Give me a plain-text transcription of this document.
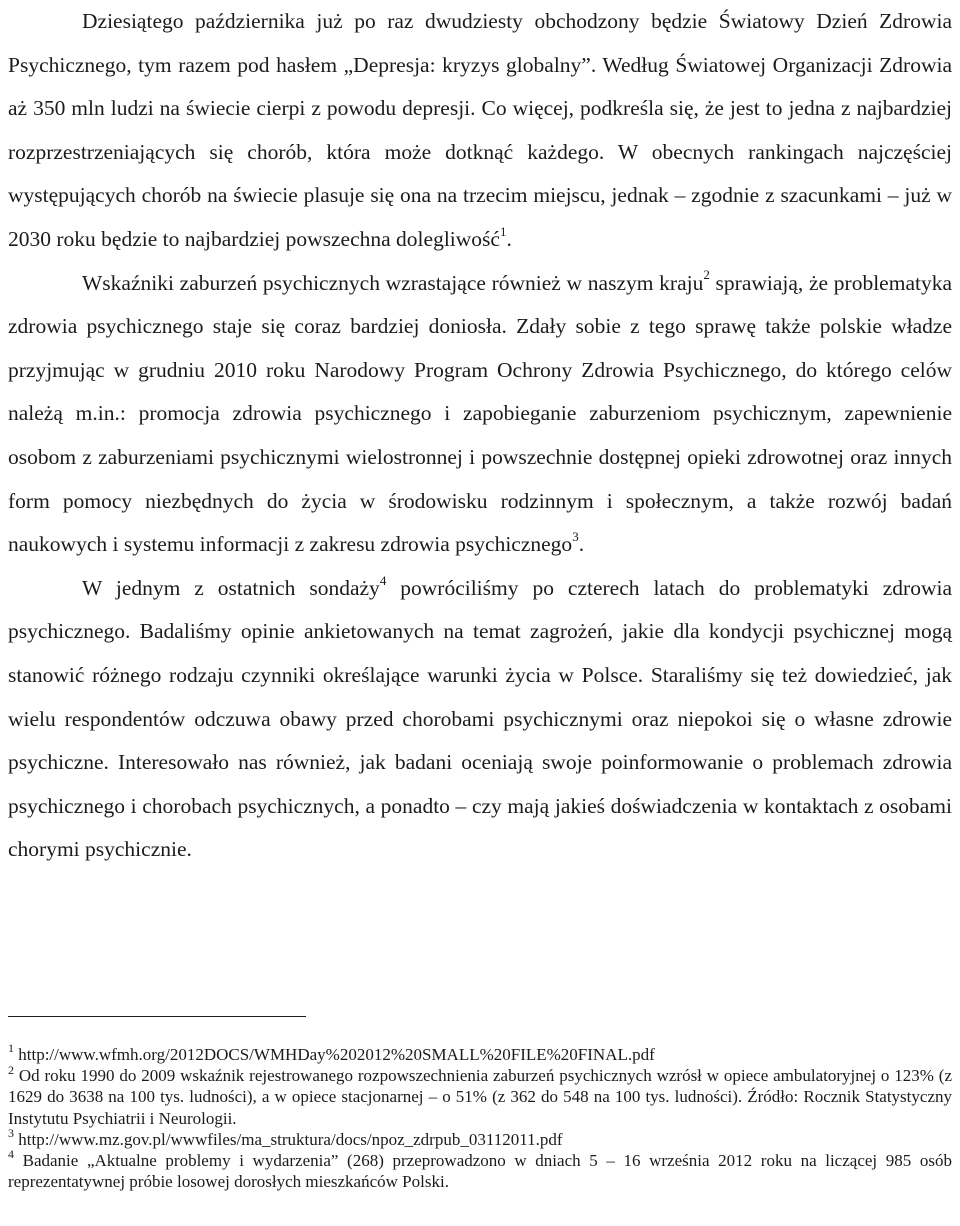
Dziesiątego października już po raz dwudziesty obchodzony będzie Światowy Dzień Zdrowia Psychicznego, tym razem pod hasłem „Depresja: kryzys globalny”. Według Światowej Organizacji Zdrowia aż 350 mln ludzi na świecie cierpi z powodu depresji. Co więcej, podkreśla się, że jest to jedna z najbardziej rozprzestrzeniających się chorób, która może dotknąć każdego. W obecnych rankingach najczęściej występujących chorób na świecie plasuje się ona na trzecim miejscu, jednak – zgodnie z szacunkami – już w 2030 roku będzie to najbardziej powszechna dolegliwość$^1$.

Wskaźniki zaburzeń psychicznych wzrastające również w naszym kraju$^2$ sprawiają, że problematyka zdrowia psychicznego staje się coraz bardziej doniosła. Zdały sobie z tego sprawę także polskie władze przyjmując w grudniu 2010 roku Narodowy Program Ochrony Zdrowia Psychicznego, do którego celów należą m.in.: promocja zdrowia psychicznego i zapobieganie zaburzeniom psychicznym, zapewnienie osobom z zaburzeniami psychicznymi wielostronnej i powszechnie dostępnej opieki zdrowotnej oraz innych form pomocy niezbędnych do życia w środowisku rodzinnym i społecznym, a także rozwój badań naukowych i systemu informacji z zakresu zdrowia psychicznego$^3$.

W jednym z ostatnich sondaży$^4$ powróciliśmy po czterech latach do problematyki zdrowia psychicznego. Badaliśmy opinie ankietowanych na temat zagrożeń, jakie dla kondycji psychicznej mogą stanowić różnego rodzaju czynniki określające warunki życia w Polsce. Staraliśmy się też dowiedzieć, jak wielu respondentów odczuwa obawy przed chorobami psychicznymi oraz niepokoi się o własne zdrowie psychiczne. Interesowało nas również, jak badani oceniają swoje poinformowanie o problemach zdrowia psychicznego i chorobach psychicznych, a ponadto – czy mają jakieś doświadczenia w kontaktach z osobami chorymi psychicznie.

$^1$ http://www.wfmh.org/2012DOCS/WMHDay%202012%20SMALL%20FILE%20FINAL.pdf

$^2$ Od roku 1990 do 2009 wskaźnik rejestrowanego rozpowszechnienia zaburzeń psychicznych wzrósł w opiece ambulatoryjnej o 123% (z 1629 do 3638 na 100 tys. ludności), a w opiece stacjonarnej – o 51% (z 362 do 548 na 100 tys. ludności). Źródło: Rocznik Statystyczny Instytutu Psychiatrii i Neurologii.

$^3$ http://www.mz.gov.pl/wwwfiles/ma_struktura/docs/npoz_zdrpub_03112011.pdf

$^4$ Badanie „Aktualne problemy i wydarzenia” (268) przeprowadzono w dniach 5 – 16 września 2012 roku na liczącej 985 osób reprezentatywnej próbie losowej dorosłych mieszkańców Polski.
